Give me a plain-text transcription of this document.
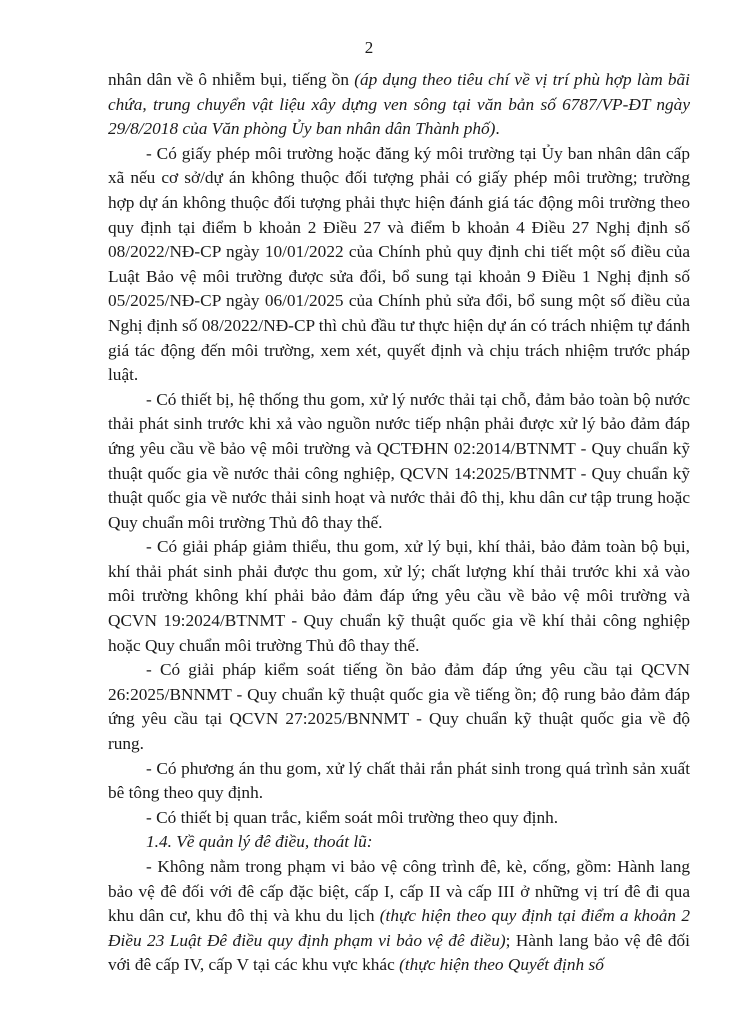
2

nhân dân về ô nhiễm bụi, tiếng ồn (áp dụng theo tiêu chí về vị trí phù hợp làm bãi chứa, trung chuyển vật liệu xây dựng ven sông tại văn bản số 6787/VP-ĐT ngày 29/8/2018 của Văn phòng Ủy ban nhân dân Thành phố).

- Có giấy phép môi trường hoặc đăng ký môi trường tại Ủy ban nhân dân cấp xã nếu cơ sở/dự án không thuộc đối tượng phải có giấy phép môi trường; trường hợp dự án không thuộc đối tượng phải thực hiện đánh giá tác động môi trường theo quy định tại điểm b khoản 2 Điều 27 và điểm b khoản 4 Điều 27 Nghị định số 08/2022/NĐ-CP ngày 10/01/2022 của Chính phủ quy định chi tiết một số điều của Luật Bảo vệ môi trường được sửa đổi, bổ sung tại khoản 9 Điều 1 Nghị định số 05/2025/NĐ-CP ngày 06/01/2025 của Chính phủ sửa đổi, bổ sung một số điều của Nghị định số 08/2022/NĐ-CP thì chủ đầu tư thực hiện dự án có trách nhiệm tự đánh giá tác động đến môi trường, xem xét, quyết định và chịu trách nhiệm trước pháp luật.

- Có thiết bị, hệ thống thu gom, xử lý nước thải tại chỗ, đảm bảo toàn bộ nước thải phát sinh trước khi xả vào nguồn nước tiếp nhận phải được xử lý bảo đảm đáp ứng yêu cầu về bảo vệ môi trường và QCTĐHN 02:2014/BTNMT - Quy chuẩn kỹ thuật quốc gia về nước thải công nghiệp, QCVN 14:2025/BTNMT - Quy chuẩn kỹ thuật quốc gia về nước thải sinh hoạt và nước thải đô thị, khu dân cư tập trung hoặc Quy chuẩn môi trường Thủ đô thay thế.

- Có giải pháp giảm thiểu, thu gom, xử lý bụi, khí thải, bảo đảm toàn bộ bụi, khí thải phát sinh phải được thu gom, xử lý; chất lượng khí thải trước khi xả vào môi trường không khí phải bảo đảm đáp ứng yêu cầu về bảo vệ môi trường và QCVN 19:2024/BTNMT - Quy chuẩn kỹ thuật quốc gia về khí thải công nghiệp hoặc Quy chuẩn môi trường Thủ đô thay thế.

- Có giải pháp kiểm soát tiếng ồn bảo đảm đáp ứng yêu cầu tại QCVN 26:2025/BNNMT - Quy chuẩn kỹ thuật quốc gia về tiếng ồn; độ rung bảo đảm đáp ứng yêu cầu tại QCVN 27:2025/BNNMT - Quy chuẩn kỹ thuật quốc gia về độ rung.

- Có phương án thu gom, xử lý chất thải rắn phát sinh trong quá trình sản xuất bê tông theo quy định.

- Có thiết bị quan trắc, kiểm soát môi trường theo quy định.

1.4. Về quản lý đê điều, thoát lũ:

- Không nằm trong phạm vi bảo vệ công trình đê, kè, cống, gồm: Hành lang bảo vệ đê đối với đê cấp đặc biệt, cấp I, cấp II và cấp III ở những vị trí đê đi qua khu dân cư, khu đô thị và khu du lịch (thực hiện theo quy định tại điểm a khoản 2 Điều 23 Luật Đê điều quy định phạm vi bảo vệ đê điều); Hành lang bảo vệ đê đối với đê cấp IV, cấp V tại các khu vực khác (thực hiện theo Quyết định số
